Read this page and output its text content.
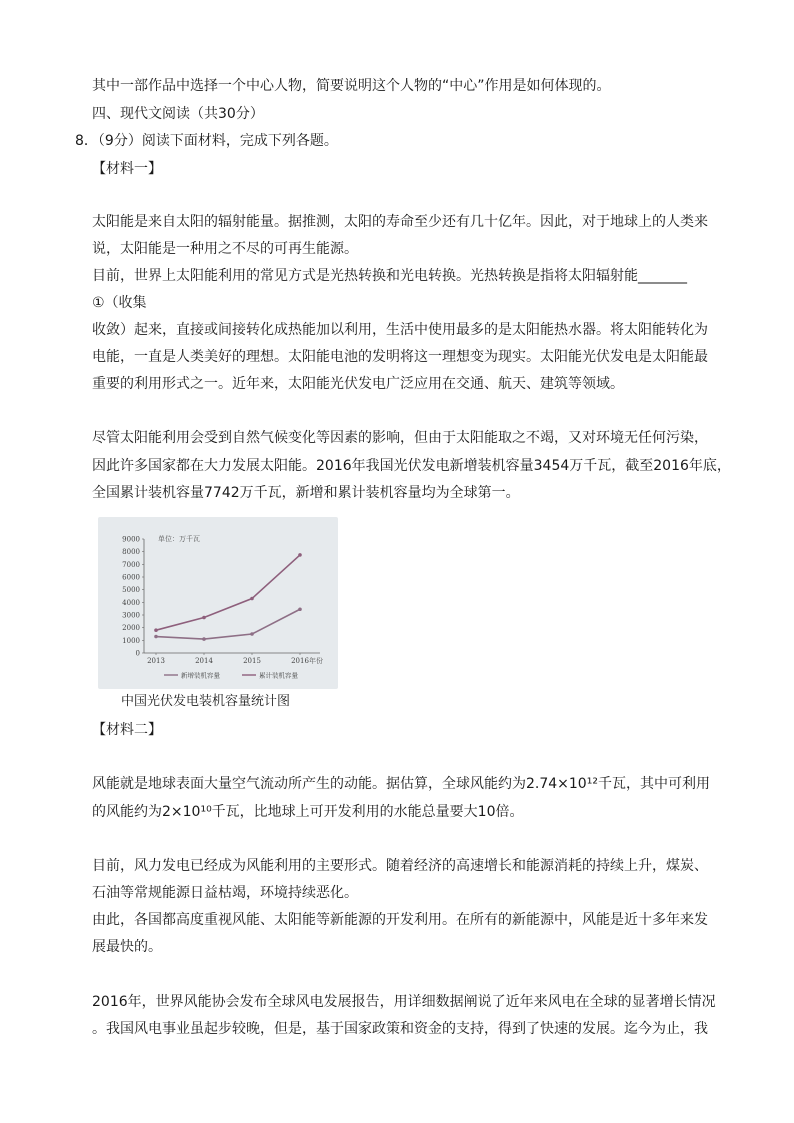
其中一部作品中选择一个中心人物，简要说明这个人物的“中心”作用是如何体现的。
四、现代文阅读（共30分）
8．（9分）阅读下面材料，完成下列各题。
【材料一】
太阳能是来自太阳的辐射能量。据推测，太阳的寿命至少还有几十亿年。因此，对于地球上的人类来
说，太阳能是一种用之不尽的可再生能源。
目前，世界上太阳能利用的常见方式是光热转换和光电转换。光热转换是指将太阳辐射能_______
①（收集
收敛）起来，直接或间接转化成热能加以利用，生活中使用最多的是太阳能热水器。将太阳能转化为
电能，一直是人类美好的理想。太阳能电池的发明将这一理想变为现实。太阳能光伏发电是太阳能最
重要的利用形式之一。近年来，太阳能光伏发电广泛应用在交通、航天、建筑等领域。
尽管太阳能利用会受到自然气候变化等因素的影响，但由于太阳能取之不竭，又对环境无任何污染，
因此许多国家都在大力发展太阳能。2016年我国光伏发电新增装机容量3454万千瓦，截至2016年底，
全国累计装机容量7742万千瓦，新增和累计装机容量均为全球第一。
单位：万千瓦
年份
0
1000
2000
3000
4000
5000
6000
7000
8000
9000
2013	2014	2015	2016
新增装机容量	累计装机容量
中国光伏发电装机容量统计图
【材料二】
风能就是地球表面大量空气流动所产生的动能。据估算，全球风能约为2.74×10¹²千瓦，其中可利用
的风能约为2×10¹⁰千瓦，比地球上可开发利用的水能总量要大10倍。
目前，风力发电已经成为风能利用的主要形式。随着经济的高速增长和能源消耗的持续上升，煤炭、
石油等常规能源日益枯竭，环境持续恶化。
由此，各国都高度重视风能、太阳能等新能源的开发利用。在所有的新能源中，风能是近十多年来发
展最快的。
2016年，世界风能协会发布全球风电发展报告，用详细数据阐说了近年来风电在全球的显著增长情况
。我国风电事业虽起步较晚，但是，基于国家政策和资金的支持，得到了快速的发展。迄今为止，我
